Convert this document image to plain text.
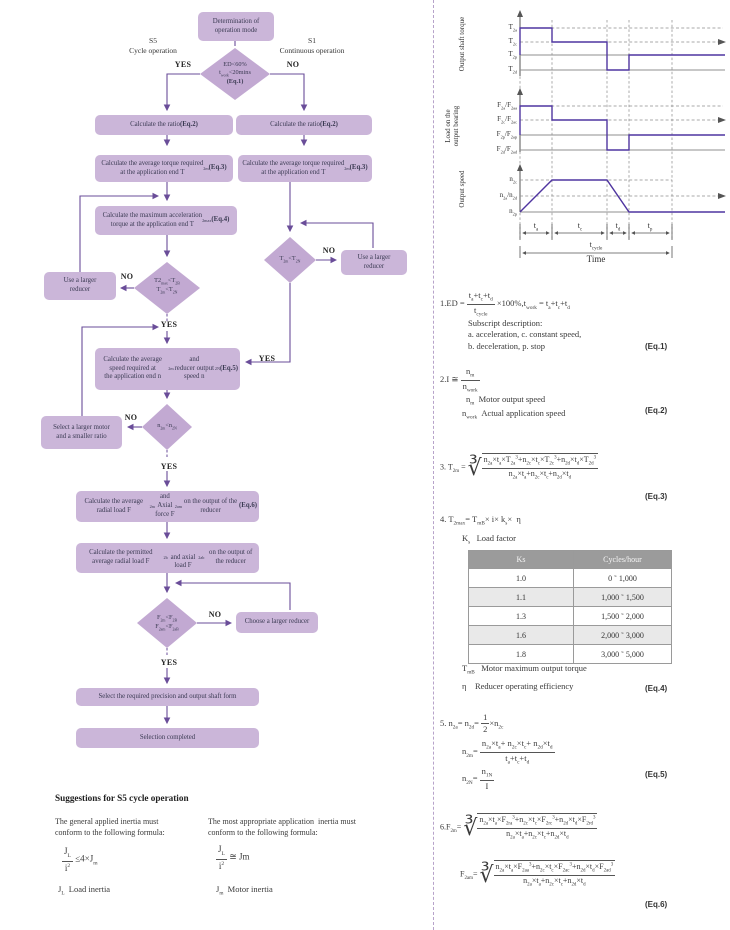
Determination of
operation mode
S5
Cycle operation
S1
Continuous operation
ED<60%
$t_{work}<20\min s$
(Eq.1)
YES	NO
Calculate the ratio (Eq.2)	Calculate the ratio (Eq.2)
Calculate the average torque required
at the application end T
2m (Eq.3)
Calculate the average torque required
at the application end T
2m (Eq.3)
Calculate the maximum acceleration
torque at the application end T
2max (Eq.4)
$T2_{max}<T_{2B}$
$T_{2m}<T_{2N}$
Use a larger
reducer
NO
YES
$T_{2m}<T_{2N}$
NO
Use a larger
reducer
YES
Calculate the average speed required at
the application end n
2m
and
reducer output speed n
2N (Eq.5)
$n_{2m}<n_{2N}$
Select a larger motor
and a smaller ratio
NO
YES
Calculate the average radial load F
2m
and Axial
force F
2am
on the output of the reducer
(Eq.6)
Calculate the permitted average radial load F
2b and axial load F
2ab
on the output of the reducer
$F_{2m}<F_{2B}$
$F_{2am}<F_{2aB}$
NO
Choose a larger reducer
YES
Select the required precision and output shaft form
Selection completed
Suggestions for S5 cycle operation
The general applied inertia must
conform to the following formula:
$\frac{J_L}{i^2} \le 4\times J_m$
$J_L$  Load inertia
The most appropriate application  inertia must
conform to the following formula:
$\frac{J_L}{i^2}$ ≅ Jm
$J_m$  Motor inertia
Output shaft torque
Load on the
output bearing
Output speed
$T_{2a}$
$T_{2c}$
$T_{2p}$
$T_{2d}$
$F_{2a}/F_{2aa}$
$F_{2c}/F_{2ac}$
$F_{2p}/F_{2ap}$
$F_{2d}/F_{2ad}$
$n_{2c}$
$n_{2a}/n_{2d}$
$n_{2p}$
$t_a$
$t_c$
$t_d$
$t_p$
$t_{cycle}$
Time
1.ED =
$t_a+t_c+t_d$
$t_{cycle}$
$\times 100\%,t_{work} = t_a+t_c+t_d$
Subscript description:
a. acceleration, c. constant speed,
b. deceleration, p. stop	(Eq.1)
2.I ≅
$n_m$
$n_{work}$
$n_m$  Motor output speed
$n_{work}$  Actual application speed	(Eq.2)
3. $T_{2m}$ = ∛ $\frac{n_{2a}\times t_a\times T_{2a}^3+n_{2c}\times t_c\times T_{2c}^3+n_{2d}\times t_d\times T_{2d}^3}{n_{2a}\times t_a+n_{2c}\times t_c+n_{2d}\times t_d}$
(Eq.3)
4. $T_{2max}= T_{mB}\times i\times k_s\times \eta$
$K_s$   Load factor
Ks	Cycles/hour
1.0	0 ˜ 1,000
1.1	1,000 ˜ 1,500
1.3	1,500 ˜ 2,000
1.6	2,000 ˜ 3,000
1.8	3,000 ˜ 5,000
$T_{mB}$   Motor maximum output torque
η    Reducer operating efficiency	(Eq.4)
5. $n_{2a}= n_{2d}= \frac{1}{2} \times n_{2c}$
$n_{2m}= \frac{n_{2a}\times t_a+ n_{2c}\times t_c+ n_{2d}\times t_d}{t_a+t_c+t_d}$
$n_{2N}= \frac{n_{1N}}{I}$	(Eq.5)
$6.F_{2m}=$ ∛ $\frac{n_{2a}\times t_a\times F_{2ra}^3+n_{2c}\times t_c\times F_{2rc}^3+n_{2d}\times t_d\times F_{2rd}^3}{n_{2a}\times t_a+n_{2c}\times t_c+n_{2d}\times t_d}$
$F_{2am}=$ ∛ $\frac{n_{2a}\times t_a\times F_{2aa}^3+n_{2c}\times t_c\times F_{2ac}^3+n_{2d}\times t_d\times F_{2ad}^3}{n_{2a}\times t_a+n_{2c}\times t_c+n_{2d}\times t_d}$
(Eq.6)
